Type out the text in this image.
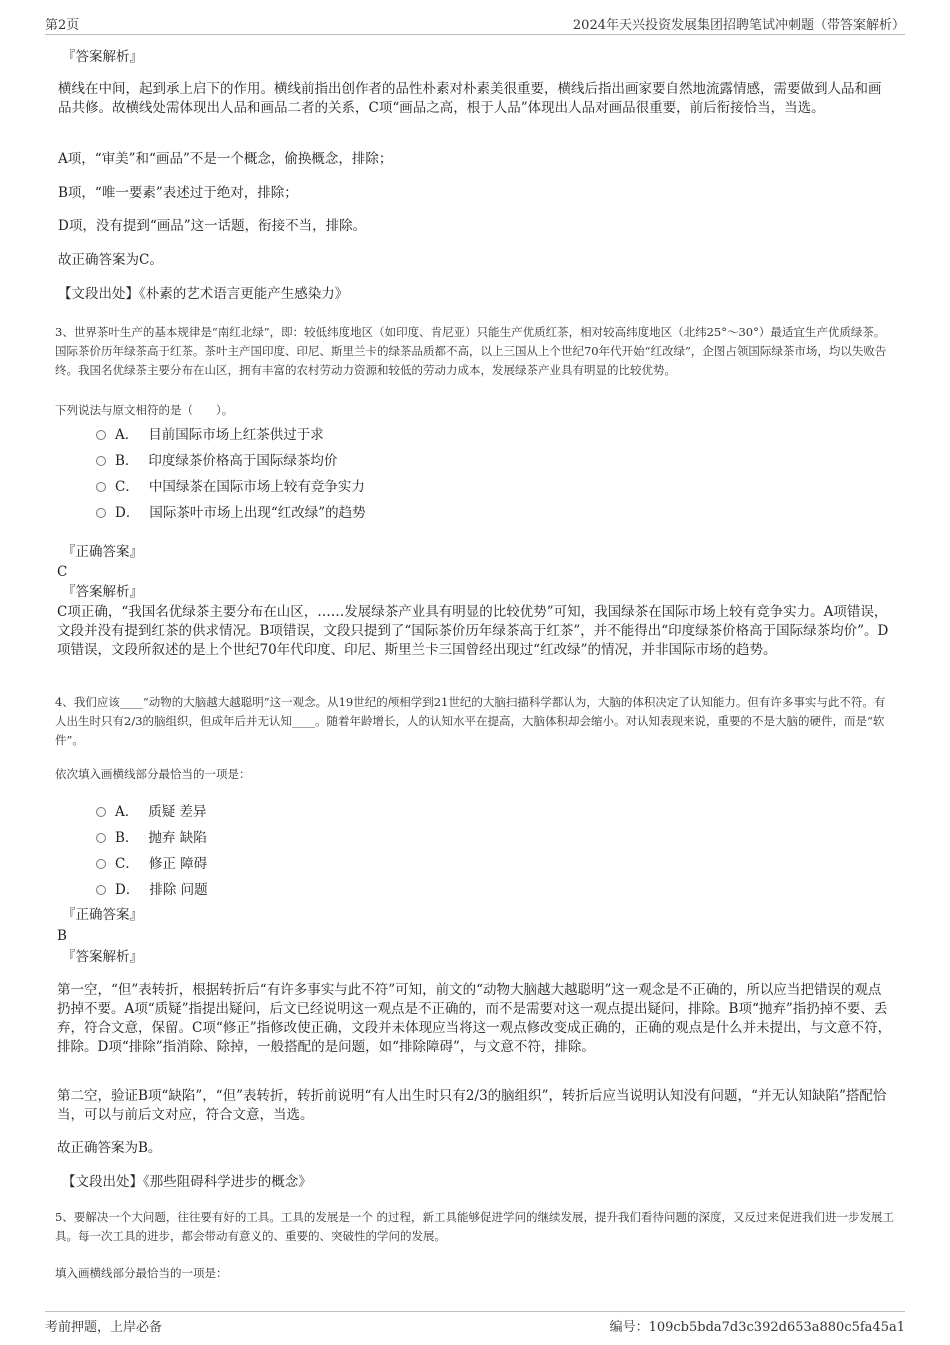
第2页	2024年天兴投资发展集团招聘笔试冲刺题（带答案解析）

『答案解析』

横线在中间，起到承上启下的作用。横线前指出创作者的品性朴素对朴素美很重要，横线后指出画家要自然地流露情感，需要做到人品和画品共修。故横线处需体现出人品和画品二者的关系，C项“画品之高，根于人品”体现出人品对画品很重要，前后衔接恰当，当选。

A项，“审美”和“画品”不是一个概念，偷换概念，排除；

B项，“唯一要素”表述过于绝对，排除；

D项，没有提到“画品”这一话题，衔接不当，排除。

故正确答案为C。

【文段出处】《朴素的艺术语言更能产生感染力》

3、世界茶叶生产的基本规律是“南红北绿”，即：较低纬度地区（如印度、肯尼亚）只能生产优质红茶，相对较高纬度地区（北纬25°～30°）最适宜生产优质绿茶。国际茶价历年绿茶高于红茶。茶叶主产国印度、印尼、斯里兰卡的绿茶品质都不高，以上三国从上个世纪70年代开始“红改绿”，企图占领国际绿茶市场，均以失败告终。我国名优绿茶主要分布在山区，拥有丰富的农村劳动力资源和较低的劳动力成本，发展绿茶产业具有明显的比较优势。

下列说法与原文相符的是（　　）。

A． 目前国际市场上红茶供过于求
B． 印度绿茶价格高于国际绿茶均价
C． 中国绿茶在国际市场上较有竞争实力
D． 国际茶叶市场上出现“红改绿”的趋势

『正确答案』

C

『答案解析』

C项正确，“我国名优绿茶主要分布在山区，……发展绿茶产业具有明显的比较优势”可知，我国绿茶在国际市场上较有竞争实力。A项错误，文段并没有提到红茶的供求情况。B项错误，文段只提到了“国际茶价历年绿茶高于红茶”，并不能得出“印度绿茶价格高于国际绿茶均价”。D项错误，文段所叙述的是上个世纪70年代印度、印尼、斯里兰卡三国曾经出现过“红改绿”的情况，并非国际市场的趋势。

4、我们应该____“动物的大脑越大越聪明”这一观念。从19世纪的颅相学到21世纪的大脑扫描科学都认为，大脑的体积决定了认知能力。但有许多事实与此不符。有人出生时只有2/3的脑组织，但成年后并无认知____。随着年龄增长，人的认知水平在提高，大脑体积却会缩小。对认知表现来说，重要的不是大脑的硬件，而是“软件”。

依次填入画横线部分最恰当的一项是：

A． 质疑 差异
B． 抛弃 缺陷
C． 修正 障碍
D． 排除 问题

『正确答案』

B

『答案解析』

第一空，“但”表转折，根据转折后“有许多事实与此不符”可知，前文的“动物大脑越大越聪明”这一观念是不正确的，所以应当把错误的观点扔掉不要。A项“质疑”指提出疑问，后文已经说明这一观点是不正确的，而不是需要对这一观点提出疑问，排除。B项“抛弃”指扔掉不要、丢弃，符合文意，保留。C项“修正”指修改使正确，文段并未体现应当将这一观点修改变成正确的，正确的观点是什么并未提出，与文意不符，排除。D项“排除”指消除、除掉，一般搭配的是问题，如“排除障碍”，与文意不符，排除。

第二空，验证B项“缺陷”，“但”表转折，转折前说明“有人出生时只有2/3的脑组织”，转折后应当说明认知没有问题，“并无认知缺陷”搭配恰当，可以与前后文对应，符合文意，当选。

故正确答案为B。

【文段出处】《那些阻碍科学进步的概念》

5、要解决一个大问题，往往要有好的工具。工具的发展是一个 的过程，新工具能够促进学问的继续发展，提升我们看待问题的深度，又反过来促进我们进一步发展工具。每一次工具的进步，都会带动有意义的、重要的、突破性的学问的发展。

填入画横线部分最恰当的一项是：

考前押题，上岸必备	编号：109cb5bda7d3c392d653a880c5fa45a1
